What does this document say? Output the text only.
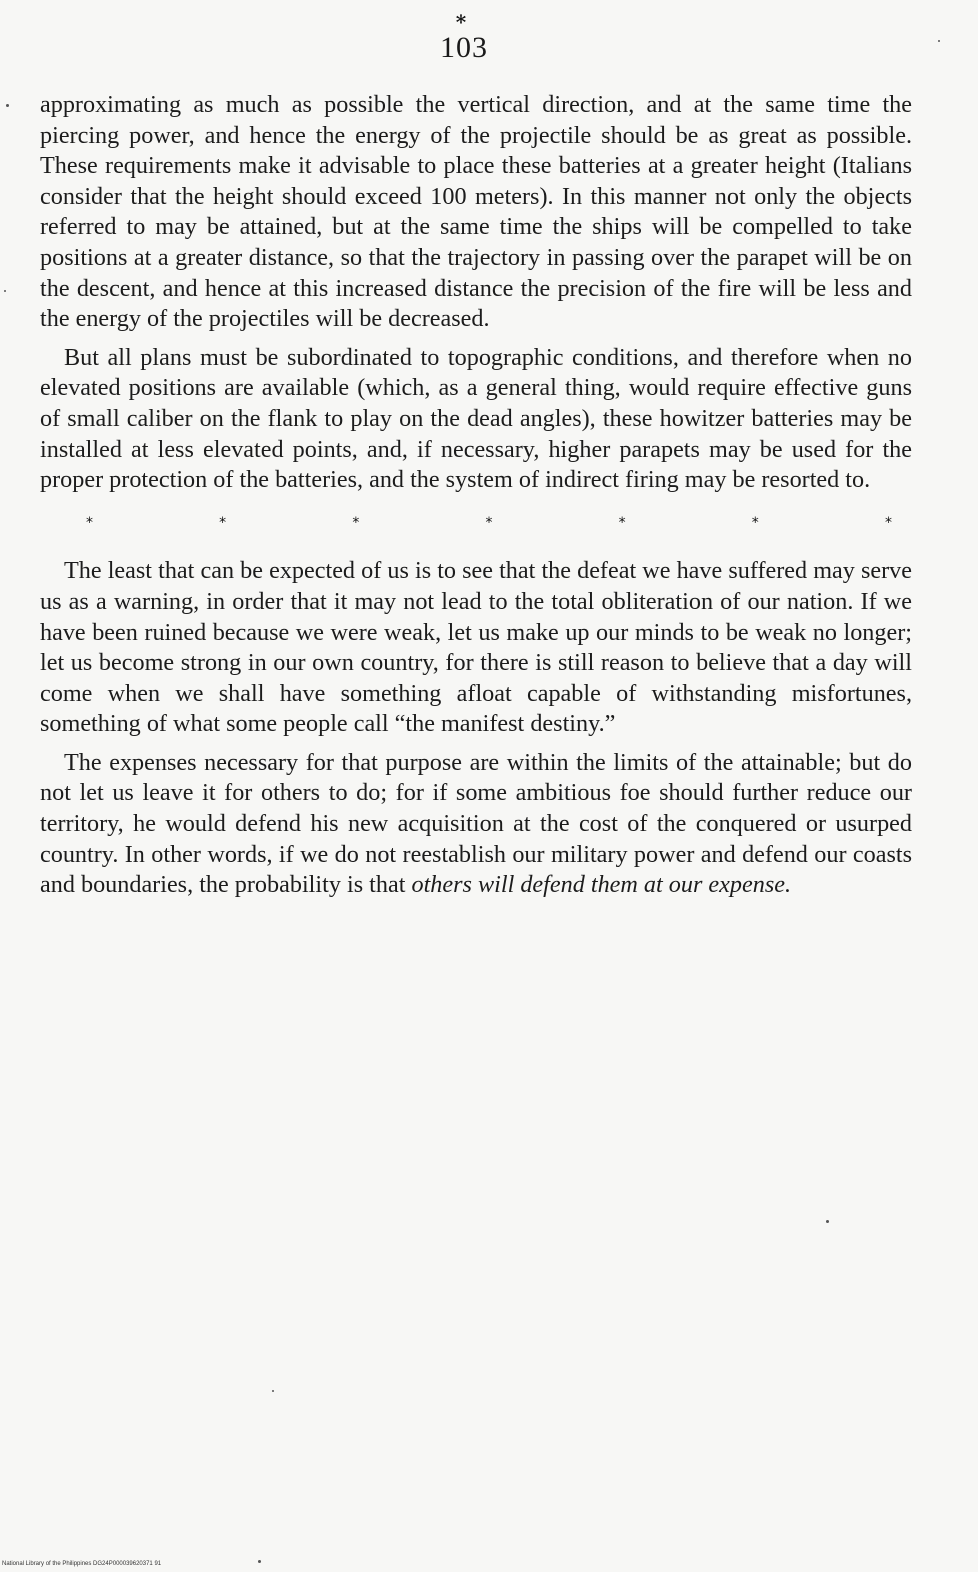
*
103

approximating as much as possible the vertical direction, and at the same time the piercing power, and hence the energy of the projectile should be as great as possible. These requirements make it advisable to place these batteries at a greater height (Italians consider that the height should exceed 100 meters). In this manner not only the objects referred to may be attained, but at the same time the ships will be compelled to take positions at a greater distance, so that the trajectory in passing over the parapet will be on the descent, and hence at this increased distance the precision of the fire will be less and the energy of the projectiles will be decreased.

But all plans must be subordinated to topographic conditions, and therefore when no elevated positions are available (which, as a general thing, would require effective guns of small caliber on the flank to play on the dead angles), these howitzer batteries may be installed at less elevated points, and, if necessary, higher parapets may be used for the proper protection of the batteries, and the system of indirect firing may be resorted to.

*	*	*	*	*	*	*

The least that can be expected of us is to see that the defeat we have suffered may serve us as a warning, in order that it may not lead to the total obliteration of our nation. If we have been ruined because we were weak, let us make up our minds to be weak no longer; let us become strong in our own country, for there is still reason to believe that a day will come when we shall have something afloat capable of withstanding misfortunes, something of what some people call “the manifest destiny.”

The expenses necessary for that purpose are within the limits of the attainable; but do not let us leave it for others to do; for if some ambitious foe should further reduce our territory, he would defend his new acquisition at the cost of the conquered or usurped country. In other words, if we do not reestablish our military power and defend our coasts and boundaries, the probability is that others will defend them at our expense.

National Library of the Philippines DG24P000039620371 91
